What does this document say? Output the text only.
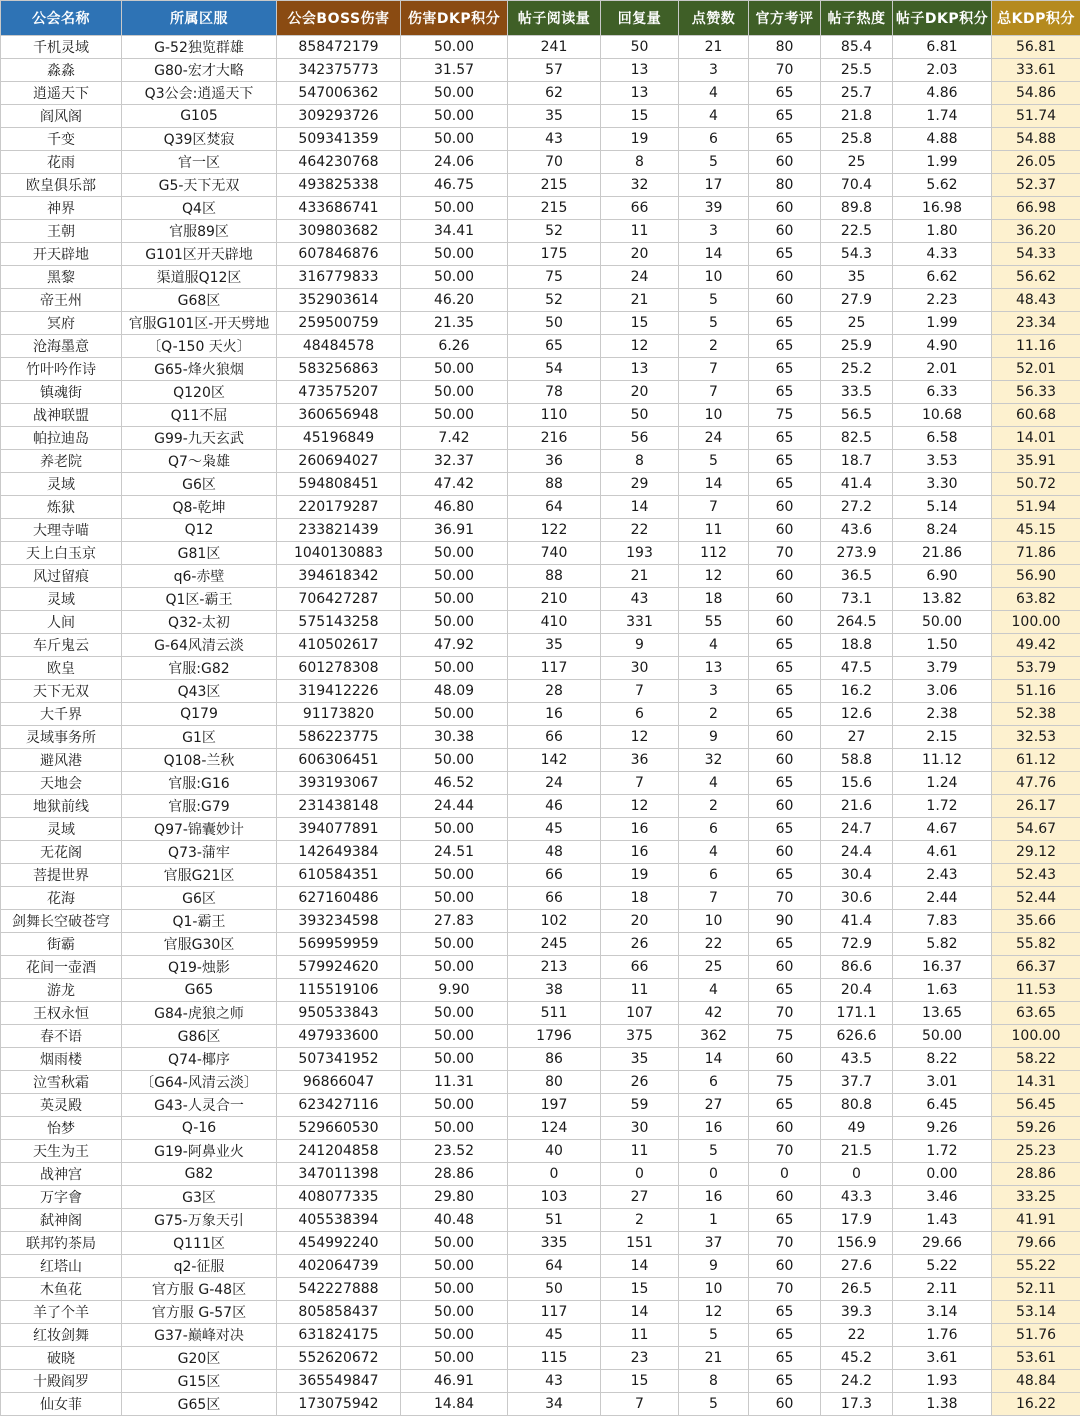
公会名称	所属区服	公会BOSS伤害	伤害DKP积分	帖子阅读量	回复量	点赞数	官方考评	帖子热度	帖子DKP积分	总KDP积分
千机灵域	G-52独览群雄	858472179	50.00	241	50	21	80	85.4	6.81	56.81
淼淼	G80-宏才大略	342375773	31.57	57	13	3	70	25.5	2.03	33.61
逍遥天下	Q3公会:逍遥天下	547006362	50.00	62	13	4	65	25.7	4.86	54.86
阎风阁	G105	309293726	50.00	35	15	4	65	21.8	1.74	51.74
千变	Q39区焚寂	509341359	50.00	43	19	6	65	25.8	4.88	54.88
花雨	官一区	464230768	24.06	70	8	5	60	25	1.99	26.05
欧皇俱乐部	G5-天下无双	493825338	46.75	215	32	17	80	70.4	5.62	52.37
神界	Q4区	433686741	50.00	215	66	39	60	89.8	16.98	66.98
王朝	官服89区	309803682	34.41	52	11	3	60	22.5	1.80	36.20
开天辟地	G101区开天辟地	607846876	50.00	175	20	14	65	54.3	4.33	54.33
黑黎	渠道服Q12区	316779833	50.00	75	24	10	60	35	6.62	56.62
帝王州	G68区	352903614	46.20	52	21	5	60	27.9	2.23	48.43
冥府	官服G101区-开天劈地	259500759	21.35	50	15	5	65	25	1.99	23.34
沧海墨意	〔Q-150 天火〕	48484578	6.26	65	12	2	65	25.9	4.90	11.16
竹叶吟作诗	G65-烽火狼烟	583256863	50.00	54	13	7	65	25.2	2.01	52.01
镇魂街	Q120区	473575207	50.00	78	20	7	65	33.5	6.33	56.33
战神联盟	Q11不屈	360656948	50.00	110	50	10	75	56.5	10.68	60.68
帕拉迪岛	G99-九天玄武	45196849	7.42	216	56	24	65	82.5	6.58	14.01
养老院	Q7～枭雄	260694027	32.37	36	8	5	65	18.7	3.53	35.91
灵域	G6区	594808451	47.42	88	29	14	65	41.4	3.30	50.72
炼狱	Q8-乾坤	220179287	46.80	64	14	7	60	27.2	5.14	51.94
大理寺喵	Q12	233821439	36.91	122	22	11	60	43.6	8.24	45.15
天上白玉京	G81区	1040130883	50.00	740	193	112	70	273.9	21.86	71.86
风过留痕	q6-赤壁	394618342	50.00	88	21	12	60	36.5	6.90	56.90
灵域	Q1区-霸王	706427287	50.00	210	43	18	60	73.1	13.82	63.82
人间	Q32-太初	575143258	50.00	410	331	55	60	264.5	50.00	100.00
车斤鬼云	G-64风清云淡	410502617	47.92	35	9	4	65	18.8	1.50	49.42
欧皇	官服:G82	601278308	50.00	117	30	13	65	47.5	3.79	53.79
天下无双	Q43区	319412226	48.09	28	7	3	65	16.2	3.06	51.16
大千界	Q179	91173820	50.00	16	6	2	65	12.6	2.38	52.38
灵域事务所	G1区	586223775	30.38	66	12	9	60	27	2.15	32.53
避风港	Q108-兰秋	606306451	50.00	142	36	32	60	58.8	11.12	61.12
天地会	官服:G16	393193067	46.52	24	7	4	65	15.6	1.24	47.76
地狱前线	官服:G79	231438148	24.44	46	12	2	60	21.6	1.72	26.17
灵域	Q97-锦囊妙计	394077891	50.00	45	16	6	65	24.7	4.67	54.67
无花阁	Q73-蒲牢	142649384	24.51	48	16	4	60	24.4	4.61	29.12
菩提世界	官服G21区	610584351	50.00	66	19	6	65	30.4	2.43	52.43
花海	G6区	627160486	50.00	66	18	7	70	30.6	2.44	52.44
剑舞长空破苍穹	Q1-霸王	393234598	27.83	102	20	10	90	41.4	7.83	35.66
街霸	官服G30区	569959959	50.00	245	26	22	65	72.9	5.82	55.82
花间一壶酒	Q19-烛影	579924620	50.00	213	66	25	60	86.6	16.37	66.37
游龙	G65	115519106	9.90	38	11	4	65	20.4	1.63	11.53
王权永恒	G84-虎狼之师	950533843	50.00	511	107	42	70	171.1	13.65	63.65
春不语	G86区	497933600	50.00	1796	375	362	75	626.6	50.00	100.00
烟雨楼	Q74-椰序	507341952	50.00	86	35	14	60	43.5	8.22	58.22
泣雪秋霜	〔G64-风清云淡〕	96866047	11.31	80	26	6	75	37.7	3.01	14.31
英灵殿	G43-人灵合一	623427116	50.00	197	59	27	65	80.8	6.45	56.45
怡梦	Q-16	529660530	50.00	124	30	16	60	49	9.26	59.26
天生为王	G19-阿鼻业火	241204858	23.52	40	11	5	70	21.5	1.72	25.23
战神宫	G82	347011398	28.86	0	0	0	0	0	0.00	28.86
万字會	G3区	408077335	29.80	103	27	16	60	43.3	3.46	33.25
弑神阁	G75-万象天引	405538394	40.48	51	2	1	65	17.9	1.43	41.91
联邦钓茶局	Q111区	454992240	50.00	335	151	37	70	156.9	29.66	79.66
红塔山	q2-征服	402064739	50.00	64	14	9	60	27.6	5.22	55.22
木鱼花	官方服 G-48区	542227888	50.00	50	15	10	70	26.5	2.11	52.11
羊了个羊	官方服 G-57区	805858437	50.00	117	14	12	65	39.3	3.14	53.14
红妆剑舞	G37-巅峰对决	631824175	50.00	45	11	5	65	22	1.76	51.76
破晓	G20区	552620672	50.00	115	23	21	65	45.2	3.61	53.61
十殿阎罗	G15区	365549847	46.91	43	15	8	65	24.2	1.93	48.84
仙女菲	G65区	173075942	14.84	34	7	5	60	17.3	1.38	16.22
